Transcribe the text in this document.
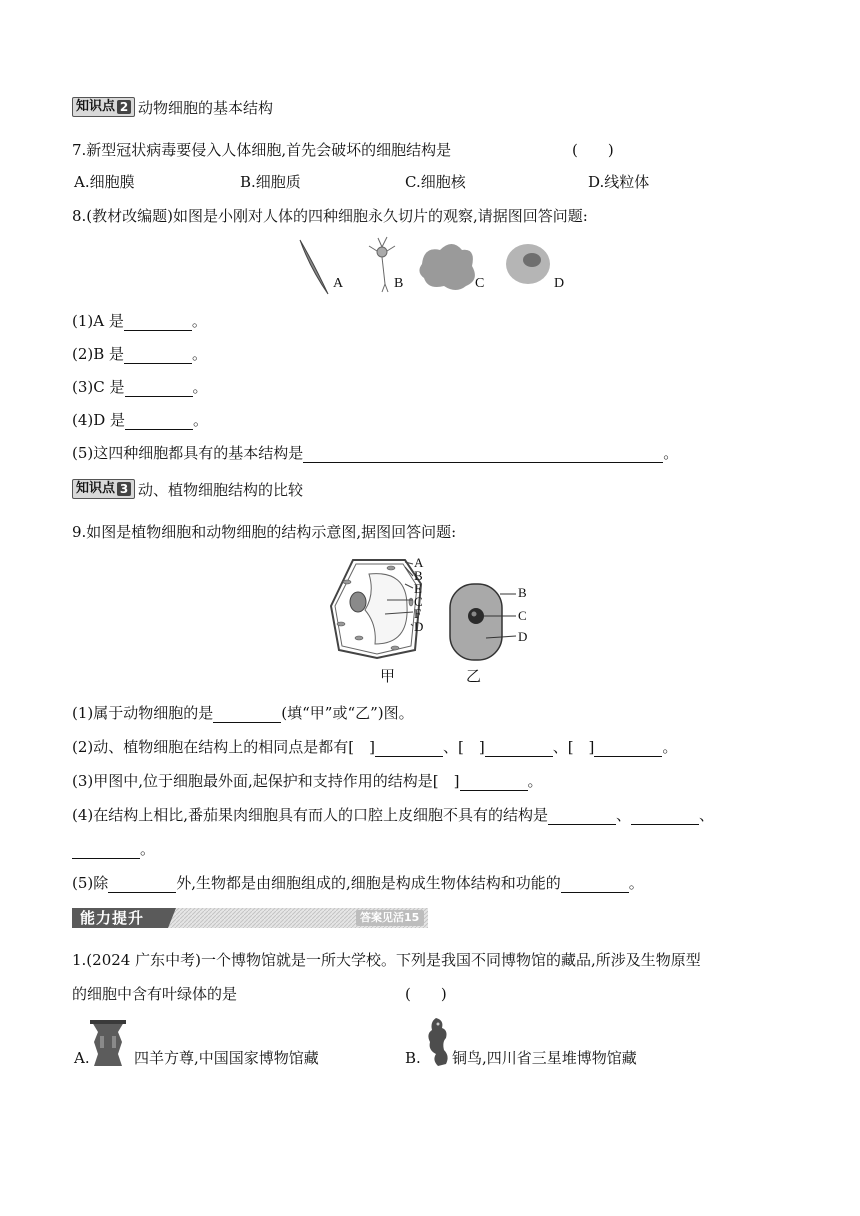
知识点 2 动物细胞的基本结构
7.新型冠状病毒要侵入人体细胞,首先会破坏的细胞结构是	(　　)
A.细胞膜	B.细胞质	C.细胞核	D.线粒体
8.(教材改编题)如图是小刚对人体的四种细胞永久切片的观察,请据图回答问题:
A	B	C	D
(1)A 是	。
(2)B 是	。
(3)C 是	。
(4)D 是	。
(5)这四种细胞都具有的基本结构是	。
知识点 3 动、植物细胞结构的比较
9.如图是植物细胞和动物细胞的结构示意图,据图回答问题:
A
B
E
C
F
D
B
C
D
甲	乙
(1)属于动物细胞的是	(填“甲”或“乙”)图。
(2)动、植物细胞在结构上的相同点是都有[　]	、[　]	、[　]	。
(3)甲图中,位于细胞最外面,起保护和支持作用的结构是[　]	。
(4)在结构上相比,番茄果肉细胞具有而人的口腔上皮细胞不具有的结构是	、	、
。
(5)除	外,生物都是由细胞组成的,细胞是构成生物体结构和功能的	。
能力提升	答案见活15
1.(2024 广东中考)一个博物馆就是一所大学校。下列是我国不同博物馆的藏品,所涉及生物原型
的细胞中含有叶绿体的是	(　　)
A.	四羊方尊,中国国家博物馆藏	B. 铜鸟,四川省三星堆博物馆藏
